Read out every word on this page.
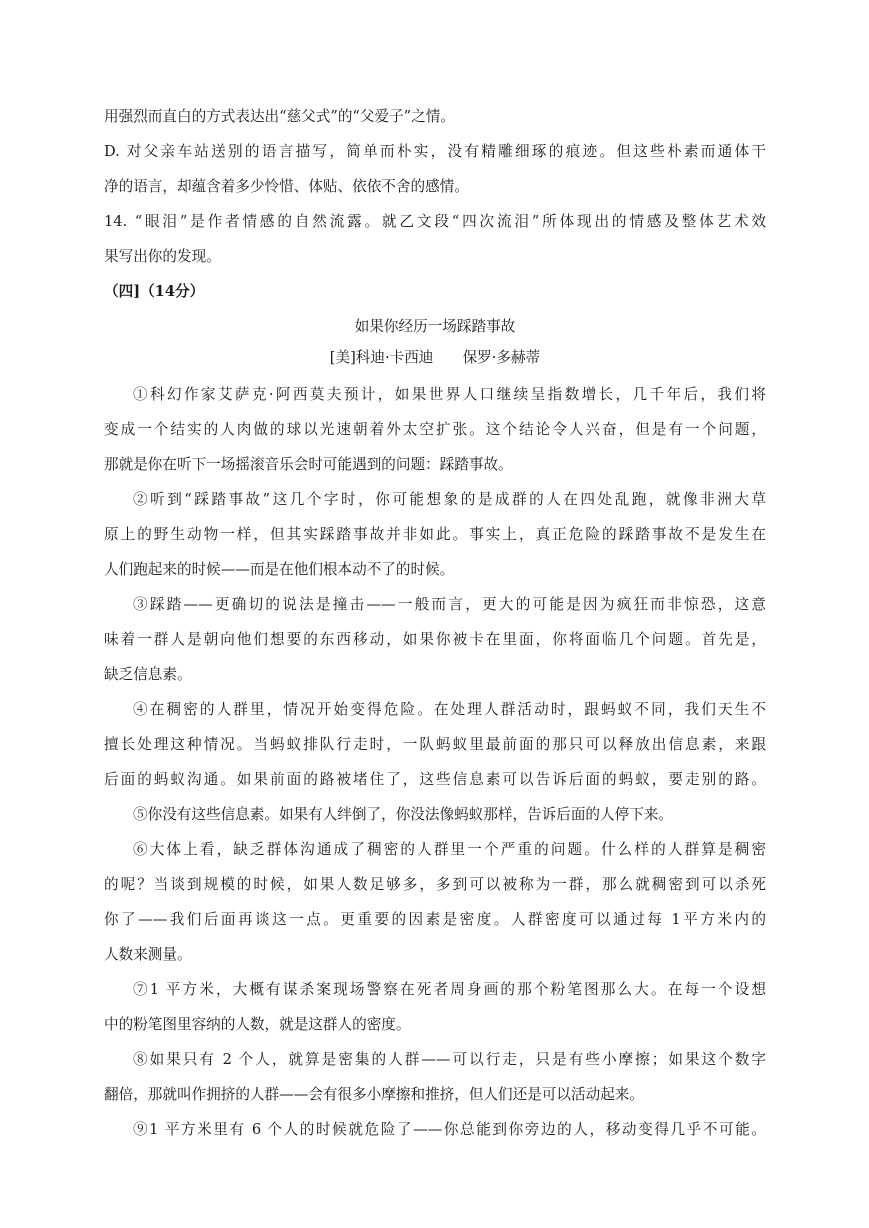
用强烈而直白的方式表达出“慈父式”的“父爱子”之情。
D. 对父亲车站送别的语言描写，简单而朴实，没有精雕细琢的痕迹。但这些朴素而通体干
净的语言，却蕴含着多少怜惜、体贴、依依不舍的感情。
14. “眼泪”是作者情感的自然流露。就乙文段“四次流泪”所体现出的情感及整体艺术效
果写出你的发现。
（四]（14分）
如果你经历一场踩踏事故
[美]科迪·卡西迪　　保罗·多赫蒂
①科幻作家艾萨克·阿西莫夫预计，如果世界人口继续呈指数增长，几千年后，我们将
变成一个结实的人肉做的球以光速朝着外太空扩张。这个结论令人兴奋，但是有一个问题，
那就是你在听下一场摇滚音乐会时可能遇到的问题：踩踏事故。
②听到“踩踏事故”这几个字时，你可能想象的是成群的人在四处乱跑，就像非洲大草
原上的野生动物一样，但其实踩踏事故并非如此。事实上，真正危险的踩踏事故不是发生在
人们跑起来的时候——而是在他们根本动不了的时候。
③踩踏——更确切的说法是撞击——一般而言，更大的可能是因为疯狂而非惊恐，这意
味着一群人是朝向他们想要的东西移动，如果你被卡在里面，你将面临几个问题。首先是，
缺乏信息素。
④在稠密的人群里，情况开始变得危险。在处理人群活动时，跟蚂蚁不同，我们天生不
擅长处理这种情况。当蚂蚁排队行走时，一队蚂蚁里最前面的那只可以释放出信息素，来跟
后面的蚂蚁沟通。如果前面的路被堵住了，这些信息素可以告诉后面的蚂蚁，要走别的路。
⑤你没有这些信息素。如果有人绊倒了，你没法像蚂蚁那样，告诉后面的人停下来。
⑥大体上看，缺乏群体沟通成了稠密的人群里一个严重的问题。什么样的人群算是稠密
的呢？当谈到规模的时候，如果人数足够多，多到可以被称为一群，那么就稠密到可以杀死
你了——我们后面再谈这一点。更重要的因素是密度。人群密度可以通过每 1平方米内的
人数来测量。
⑦1 平方米，大概有谋杀案现场警察在死者周身画的那个粉笔图那么大。在每一个设想
中的粉笔图里容纳的人数，就是这群人的密度。
⑧如果只有 2 个人，就算是密集的人群——可以行走，只是有些小摩擦；如果这个数字
翻倍，那就叫作拥挤的人群——会有很多小摩擦和推挤，但人们还是可以活动起来。
⑨1 平方米里有 6 个人的时候就危险了——你总能到你旁边的人，移动变得几乎不可能。
